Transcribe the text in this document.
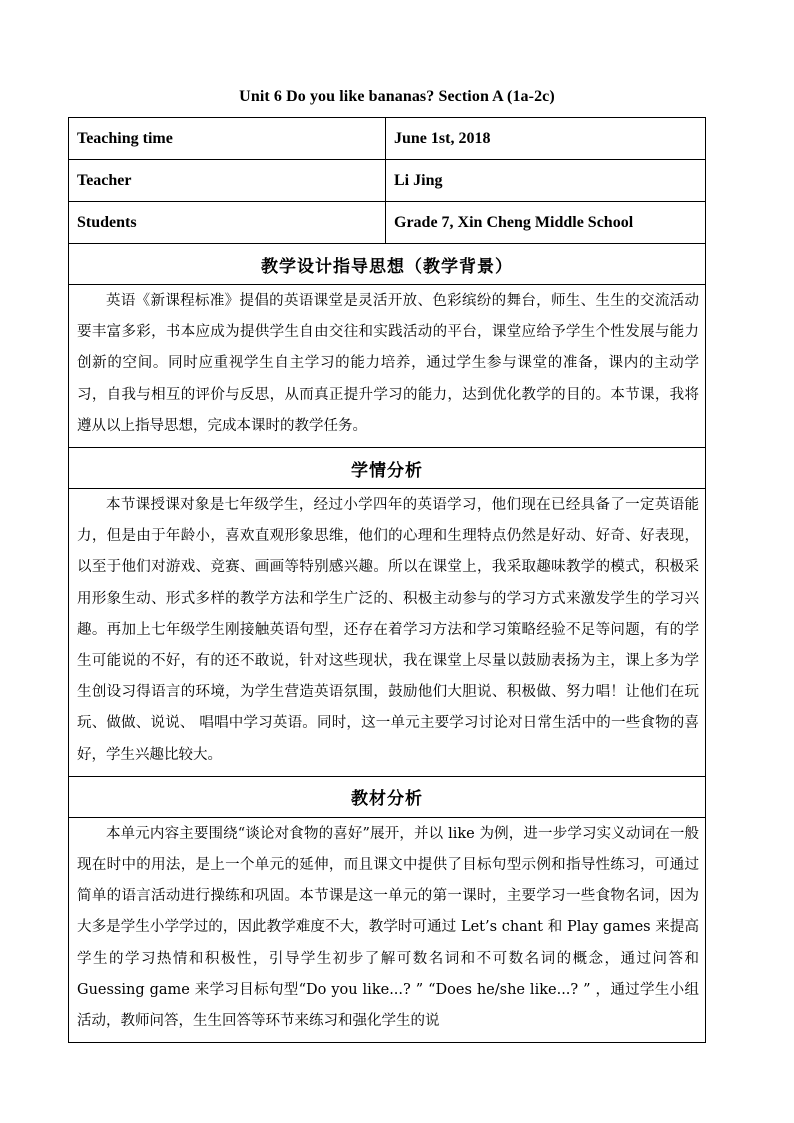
Unit 6 Do you like bananas? Section A (1a-2c)
Teaching time	June 1st, 2018
Teacher	Li Jing
Students	Grade 7, Xin Cheng Middle School
教学设计指导思想（教学背景）	
英语《新课程标准》提倡的英语课堂是灵活开放、色彩缤纷的舞台，师生、生生的交流活动要丰富多彩，书本应成为提供学生自由交往和实践活动的平台，课堂应给予学生个性发展与能力创新的空间。同时应重视学生自主学习的能力培养，通过学生参与课堂的准备，课内的主动学习，自我与相互的评价与反思，从而真正提升学习的能力，达到优化教学的目的。本节课，我将遵从以上指导思想，完成本课时的教学任务。	
学情分析	
本节课授课对象是七年级学生，经过小学四年的英语学习，他们现在已经具备了一定英语能力，但是由于年龄小，喜欢直观形象思维，他们的心理和生理特点仍然是好动、好奇、好表现，以至于他们对游戏、竞赛、画画等特别感兴趣。所以在课堂上，我采取趣味教学的模式，积极采用形象生动、形式多样的教学方法和学生广泛的、积极主动参与的学习方式来激发学生的学习兴趣。再加上七年级学生刚接触英语句型，还存在着学习方法和学习策略经验不足等问题，有的学生可能说的不好，有的还不敢说，针对这些现状，我在课堂上尽量以鼓励表扬为主，课上多为学生创设习得语言的环境，为学生营造英语氛围，鼓励他们大胆说、积极做、努力唱！让他们在玩玩、做做、说说、 唱唱中学习英语。同时，这一单元主要学习讨论对日常生活中的一些食物的喜好，学生兴趣比较大。	
教材分析	
本单元内容主要围绕“谈论对食物的喜好”展开，并以 like 为例，进一步学习实义动词在一般现在时中的用法，是上一个单元的延伸，而且课文中提供了目标句型示例和指导性练习，可通过简单的语言活动进行操练和巩固。本节课是这一单元的第一课时，主要学习一些食物名词，因为大多是学生小学学过的，因此教学难度不大，教学时可通过 Let’s chant 和 Play games 来提高学生的学习热情和积极性，引导学生初步了解可数名词和不可数名词的概念，通过问答和 Guessing game 来学习目标句型“Do you like...? ” “Does he/she like...? ” ，通过学生小组活动，教师问答，生生回答等环节来练习和强化学生的说	
